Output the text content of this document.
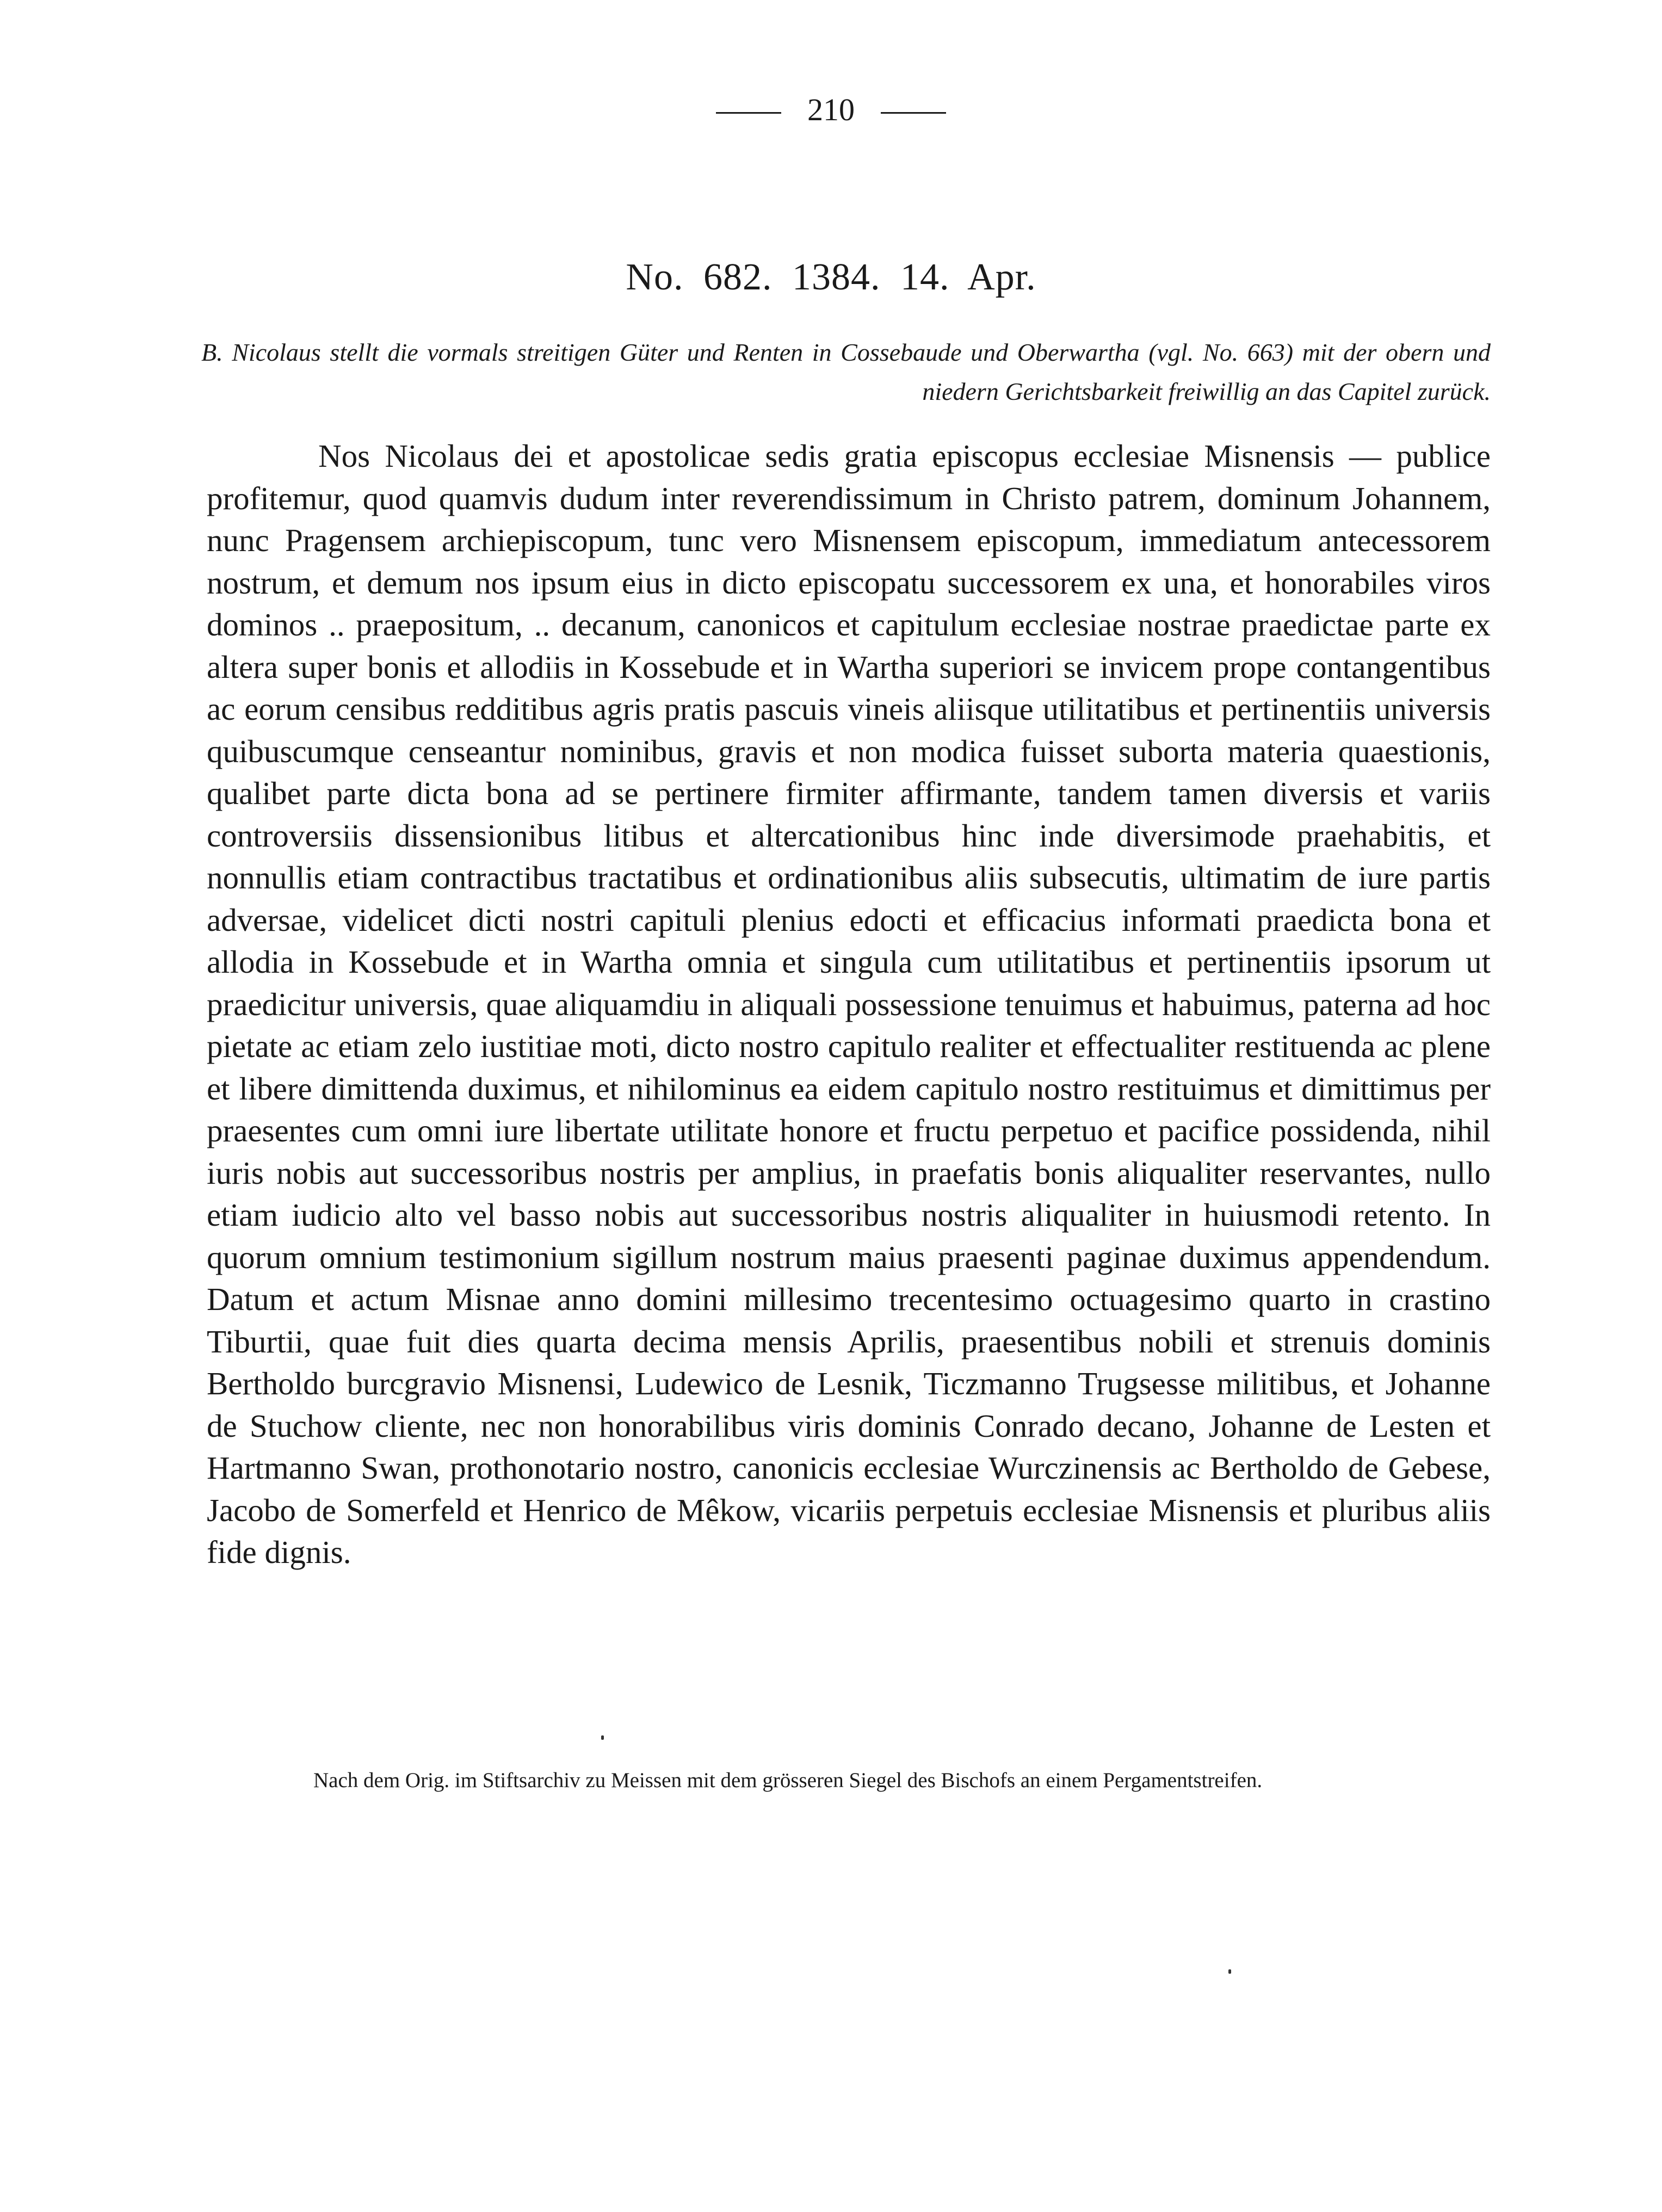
210
No. 682. 1384. 14. Apr.
B. Nicolaus stellt die vormals streitigen Güter und Renten in Cossebaude und Oberwartha (vgl. No. 663) mit der obern und niedern Gerichtsbarkeit freiwillig an das Capitel zurück.
Nos Nicolaus dei et apostolicae sedis gratia episcopus ecclesiae Misnensis — publice profitemur, quod quamvis dudum inter reverendissimum in Christo patrem, dominum Johannem, nunc Pragensem archiepiscopum, tunc vero Misnensem episcopum, immediatum antecessorem nostrum, et demum nos ipsum eius in dicto episcopatu successorem ex una, et honorabiles viros dominos .. praepositum, .. decanum, canonicos et capitulum ecclesiae nostrae praedictae parte ex altera super bonis et allodiis in Kossebude et in Wartha superiori se invicem prope contangentibus ac eorum censibus redditibus agris pratis pascuis vineis aliisque utilitatibus et pertinentiis universis quibuscumque censeantur nominibus, gravis et non modica fuisset suborta materia quaestionis, qualibet parte dicta bona ad se pertinere firmiter affirmante, tandem tamen diversis et variis controversiis dissensionibus litibus et altercationibus hinc inde diversimode praehabitis, et nonnullis etiam contractibus tractatibus et ordinationibus aliis subsecutis, ultimatim de iure partis adversae, videlicet dicti nostri capituli plenius edocti et efficacius informati praedicta bona et allodia in Kossebude et in Wartha omnia et singula cum utilitatibus et pertinentiis ipsorum ut praedicitur universis, quae aliquamdiu in aliquali possessione tenuimus et habuimus, paterna ad hoc pietate ac etiam zelo iustitiae moti, dicto nostro capitulo realiter et effectualiter restituenda ac plene et libere dimittenda duximus, et nihilominus ea eidem capitulo nostro restituimus et dimittimus per praesentes cum omni iure libertate utilitate honore et fructu perpetuo et pacifice possidenda, nihil iuris nobis aut successoribus nostris per amplius, in praefatis bonis aliqualiter reservantes, nullo etiam iudicio alto vel basso nobis aut successoribus nostris aliqualiter in huiusmodi retento. In quorum omnium testimonium sigillum nostrum maius praesenti paginae duximus appendendum. Datum et actum Misnae anno domini millesimo trecentesimo octuagesimo quarto in crastino Tiburtii, quae fuit dies quarta decima mensis Aprilis, praesentibus nobili et strenuis dominis Bertholdo burcgravio Misnensi, Ludewico de Lesnik, Ticzmanno Trugsesse militibus, et Johanne de Stuchow cliente, nec non honorabilibus viris dominis Conrado decano, Johanne de Lesten et Hartmanno Swan, prothonotario nostro, canonicis ecclesiae Wurczinensis ac Bertholdo de Gebese, Jacobo de Somerfeld et Henrico de Mêkow, vicariis perpetuis ecclesiae Misnensis et pluribus aliis fide dignis.
Nach dem Orig. im Stiftsarchiv zu Meissen mit dem grösseren Siegel des Bischofs an einem Pergamentstreifen.
